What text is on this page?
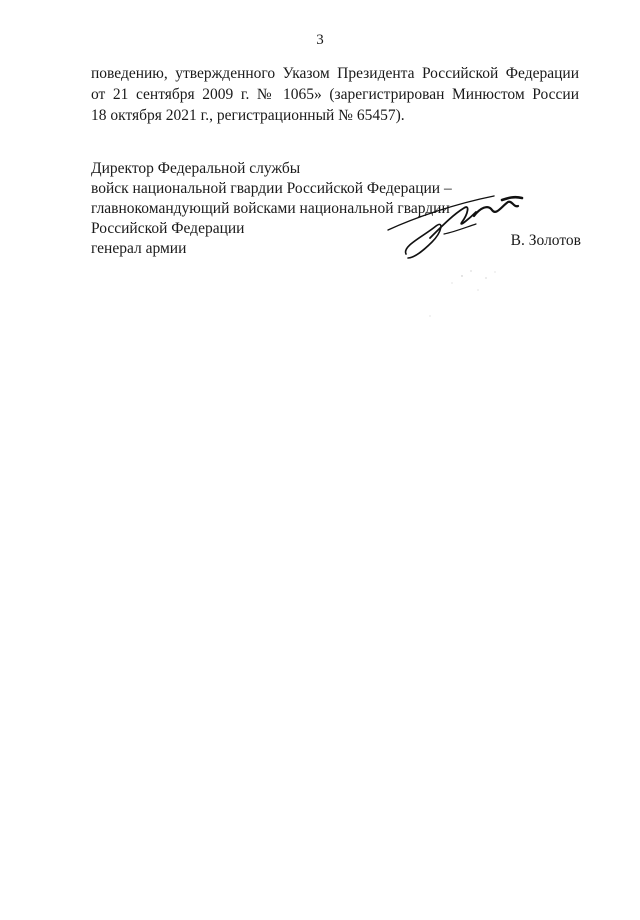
3
поведению, утвержденного Указом Президента Российской Федерации
от 21 сентября 2009 г. № 1065» (зарегистрирован Минюстом России
18 октября 2021 г., регистрационный № 65457).
Директор Федеральной службы
войск национальной гвардии Российской Федерации –
главнокомандующий войсками национальной гвардии
Российской Федерации
генерал армии	В. Золотов
